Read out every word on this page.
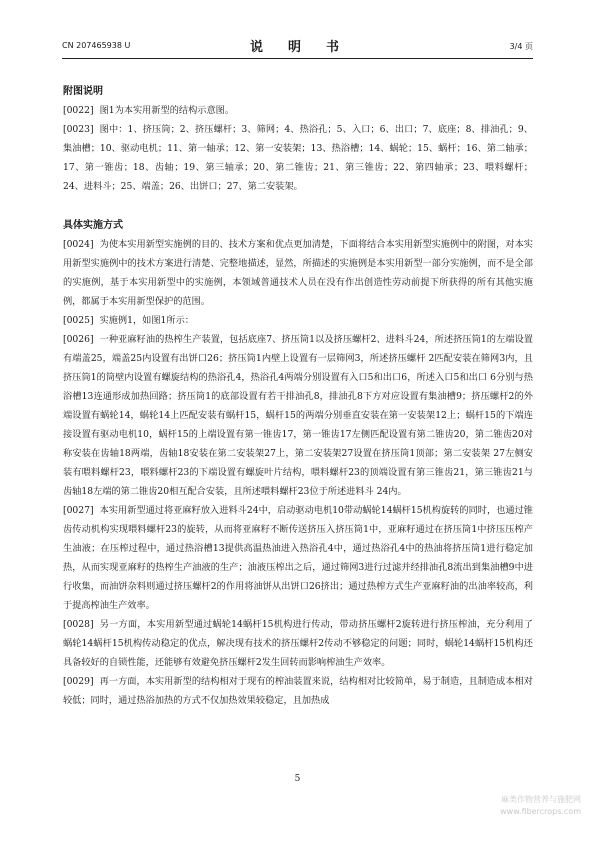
CN 207465938 U	说　明　书	3/4 页

附图说明

[0022] 图1为本实用新型的结构示意图。

[0023] 图中：1、挤压筒；2、挤压螺杆；3、筛网；4、热浴孔；5、入口；6、出口；7、底座；8、排油孔；9、集油槽；10、驱动电机；11、第一轴承；12、第一安装架；13、热浴槽；14、蜗轮；15、蜗杆；16、第二轴承；17、第一锥齿；18、齿轴；19、第三轴承；20、第二锥齿；21、第三锥齿；22、第四轴承；23、喂料螺杆；24、进料斗；25、端盖；26、出饼口；27、第二安装架。

具体实施方式

[0024] 为使本实用新型实施例的目的、技术方案和优点更加清楚，下面将结合本实用新型实施例中的附图，对本实用新型实施例中的技术方案进行清楚、完整地描述，显然，所描述的实施例是本实用新型一部分实施例，而不是全部的实施例，基于本实用新型中的实施例，本领域普通技术人员在没有作出创造性劳动前提下所获得的所有其他实施例，都属于本实用新型保护的范围。

[0025] 实施例1，如图1所示：

[0026] 一种亚麻籽油的热榨生产装置，包括底座7、挤压筒1以及挤压螺杆2、进料斗24，所述挤压筒1的左端设置有端盖25，端盖25内设置有出饼口26；挤压筒1内壁上设置有一层筛网3，所述挤压螺杆 2匹配安装在筛网3内，且挤压筒1的筒壁内设置有螺旋结构的热浴孔4，热浴孔4两端分别设置有入口5和出口6，所述入口5和出口 6分别与热浴槽13连通形成加热回路；挤压筒1的底部设置有若干排油孔8，排油孔8下方对应设置有集油槽9；挤压螺杆2的外端设置有蜗轮14，蜗轮14上匹配安装有蜗杆15，蜗杆15的两端分别垂直安装在第一安装架12上；蜗杆15的下端连接设置有驱动电机10，蜗杆15的上端设置有第一锥齿17，第一锥齿17左侧匹配设置有第二锥齿20，第二锥齿20对称安装在齿轴18两端，齿轴18安装在第二安装架27上，第二安装架27设置在挤压筒1顶部；第二安装架 27左侧安装有喂料螺杆23，喂料螺杆23的下端设置有螺旋叶片结构，喂料螺杆23的顶端设置有第三锥齿21，第三锥齿21与齿轴18左端的第二锥齿20相互配合安装，且所述喂料螺杆23位于所述进料斗 24内。

[0027] 本实用新型通过将亚麻籽放入进料斗24中，启动驱动电机10带动蜗轮14蜗杆15机构旋转的同时，也通过锥齿传动机构实现喂料螺杆23的旋转，从而将亚麻籽不断传送挤压入挤压筒1中，亚麻籽通过在挤压筒1中挤压压榨产生油液；在压榨过程中，通过热浴槽13提供高温热油进入热浴孔4中，通过热浴孔4中的热油将挤压筒1进行稳定加热，从而实现亚麻籽的热榨生产油液的生产；油液压榨出之后，通过筛网3进行过滤并经排油孔8流出到集油槽9中进行收集，而油饼杂料则通过挤压螺杆2的作用将油饼从出饼口26挤出；通过热榨方式生产亚麻籽油的出油率较高，利于提高榨油生产效率。

[0028] 另一方面，本实用新型通过蜗轮14蜗杆15机构进行传动，带动挤压螺杆2旋转进行挤压榨油，充分利用了蜗轮14蜗杆15机构传动稳定的优点，解决现有技术的挤压螺杆2传动不够稳定的问题；同时，蜗轮14蜗杆15机构还具备较好的自锁性能，还能够有效避免挤压螺杆2发生回转而影响榨油生产效率。

[0029] 再一方面，本实用新型的结构相对于现有的榨油装置来说，结构相对比较简单，易于制造，且制造成本相对较低；同时，通过热浴加热的方式不仅加热效果较稳定，且加热成

5
麻类作物营养与施肥网
www.fibercrops.com
